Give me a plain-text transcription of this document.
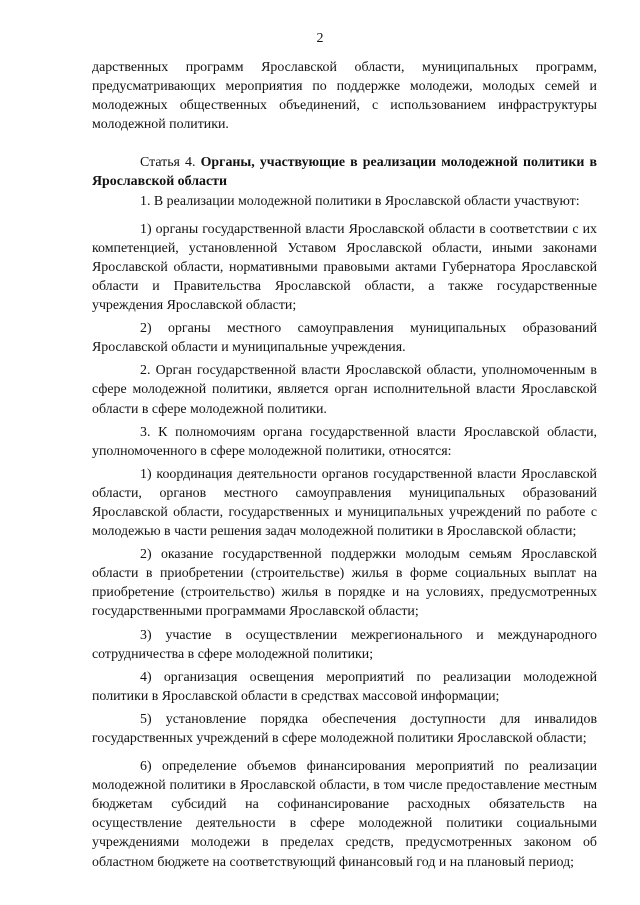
2

дарственных программ Ярославской области, муниципальных программ, предусматривающих мероприятия по поддержке молодежи, молодых семей и молодежных общественных объединений, с использованием инфраструктуры молодежной политики.

Статья 4. Органы, участвующие в реализации молодежной политики в Ярославской области

1. В реализации молодежной политики в Ярославской области участвуют:

1) органы государственной власти Ярославской области в соответствии с их компетенцией, установленной Уставом Ярославской области, иными законами Ярославской области, нормативными правовыми актами Губернатора Ярославской области и Правительства Ярославской области, а также государственные учреждения Ярославской области;

2) органы местного самоуправления муниципальных образований Ярославской области и муниципальные учреждения.

2. Орган государственной власти Ярославской области, уполномоченным в сфере молодежной политики, является орган исполнительной власти Ярославской области в сфере молодежной политики.

3. К полномочиям органа государственной власти Ярославской области, уполномоченного в сфере молодежной политики, относятся:

1) координация деятельности органов государственной власти Ярославской области, органов местного самоуправления муниципальных образований Ярославской области, государственных и муниципальных учреждений по работе с молодежью в части решения задач молодежной политики в Ярославской области;

2) оказание государственной поддержки молодым семьям Ярославской области в приобретении (строительстве) жилья в форме социальных выплат на приобретение (строительство) жилья в порядке и на условиях, предусмотренных государственными программами Ярославской области;

3) участие в осуществлении межрегионального и международного сотрудничества в сфере молодежной политики;

4) организация освещения мероприятий по реализации молодежной политики в Ярославской области в средствах массовой информации;

5) установление порядка обеспечения доступности для инвалидов государственных учреждений в сфере молодежной политики Ярославской области;

6) определение объемов финансирования мероприятий по реализации молодежной политики в Ярославской области, в том числе предоставление местным бюджетам субсидий на софинансирование расходных обязательств на осуществление деятельности в сфере молодежной политики социальными учреждениями молодежи в пределах средств, предусмотренных законом об областном бюджете на соответствующий финансовый год и на плановый период;
